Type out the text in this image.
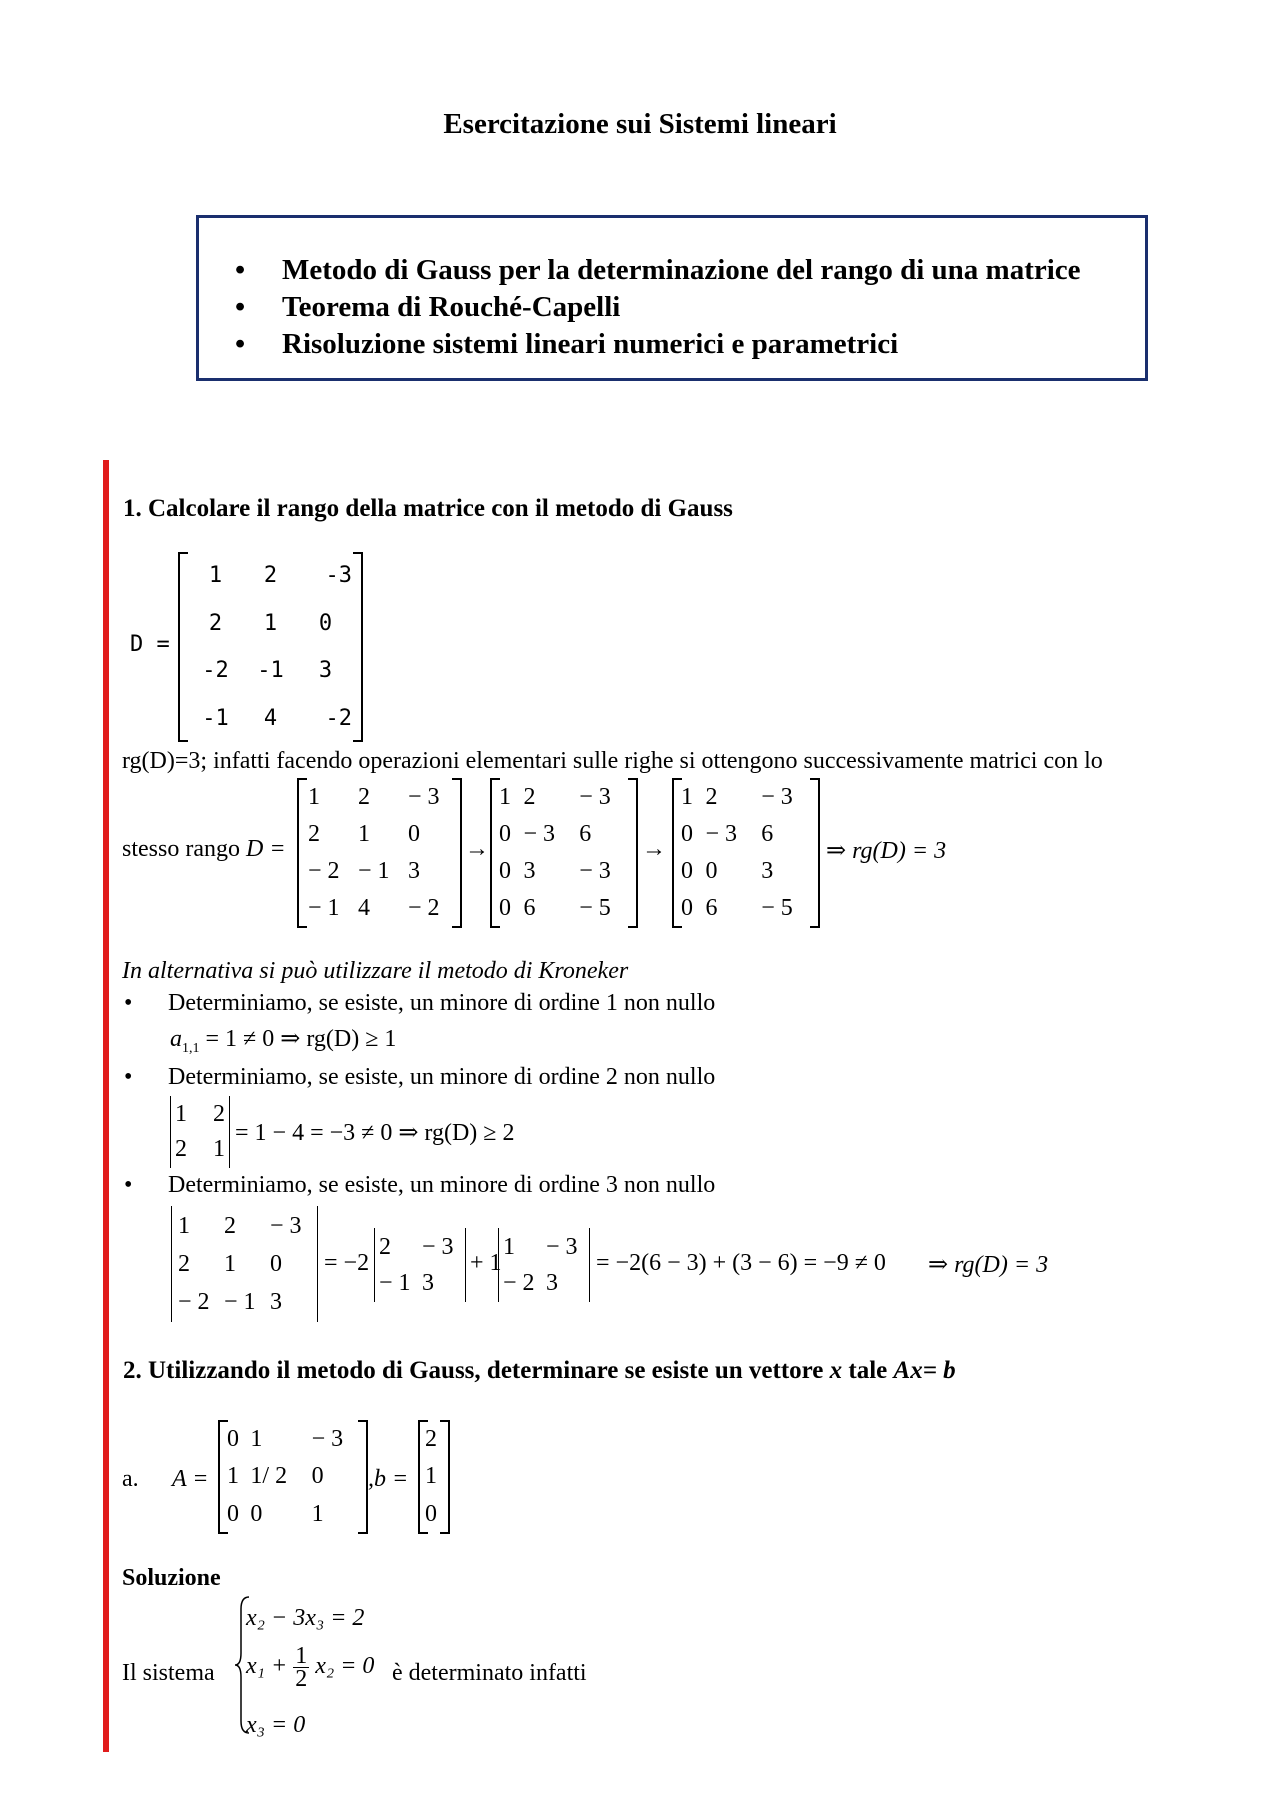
Esercitazione sui Sistemi lineari
• Metodo di Gauss per la determinazione del rango di una matrice
• Teorema di Rouché-Capelli
• Risoluzione sistemi lineari numerici e parametrici
1. Calcolare il rango della matrice con il metodo di Gauss
D =
1	2	-3
2	1	0
-2	-1	3
-1	4	-2
rg(D)=3; infatti facendo operazioni elementari sulle righe si ottengono successivamente matrici con lo
stesso rango D =
1	2	− 3
2	1	0
− 2	− 1	3
− 1	4	− 2
→
1	2	− 3
0	− 3	6
0	3	− 3
0	6	− 5
→
1	2	− 3
0	− 3	6
0	0	3
0	6	− 5
⇒ rg(D) = 3
In alternativa si può utilizzare il metodo di Kroneker
• Determiniamo, se esiste, un minore di ordine 1 non nullo
$a_{1,1} = 1 \ne 0$ ⇒ rg(D) ≥ 1
• Determiniamo, se esiste, un minore di ordine 2 non nullo
1	2
2	1
= 1 − 4 = −3 ≠ 0 ⇒ rg(D) ≥ 2
• Determiniamo, se esiste, un minore di ordine 3 non nullo
1	2	− 3
2	1	0
− 2	− 1	3
= −2
2	− 3
− 1	3
+ 1
1	− 3
− 2	3
= −2(6 − 3) + (3 − 6) = −9 ≠ 0 ⇒ rg(D) = 3
2. Utilizzando il metodo di Gauss, determinare se esiste un vettore x tale Ax= b
a. A =
0	1	− 3
1	1/ 2	0
0	0	1
,b =
2
1
0
Soluzione
Il sistema
x₂ − 3x₃ = 2
$x_1 + \frac{1}{2} x_2 = 0$
x₃ = 0
è determinato infatti
